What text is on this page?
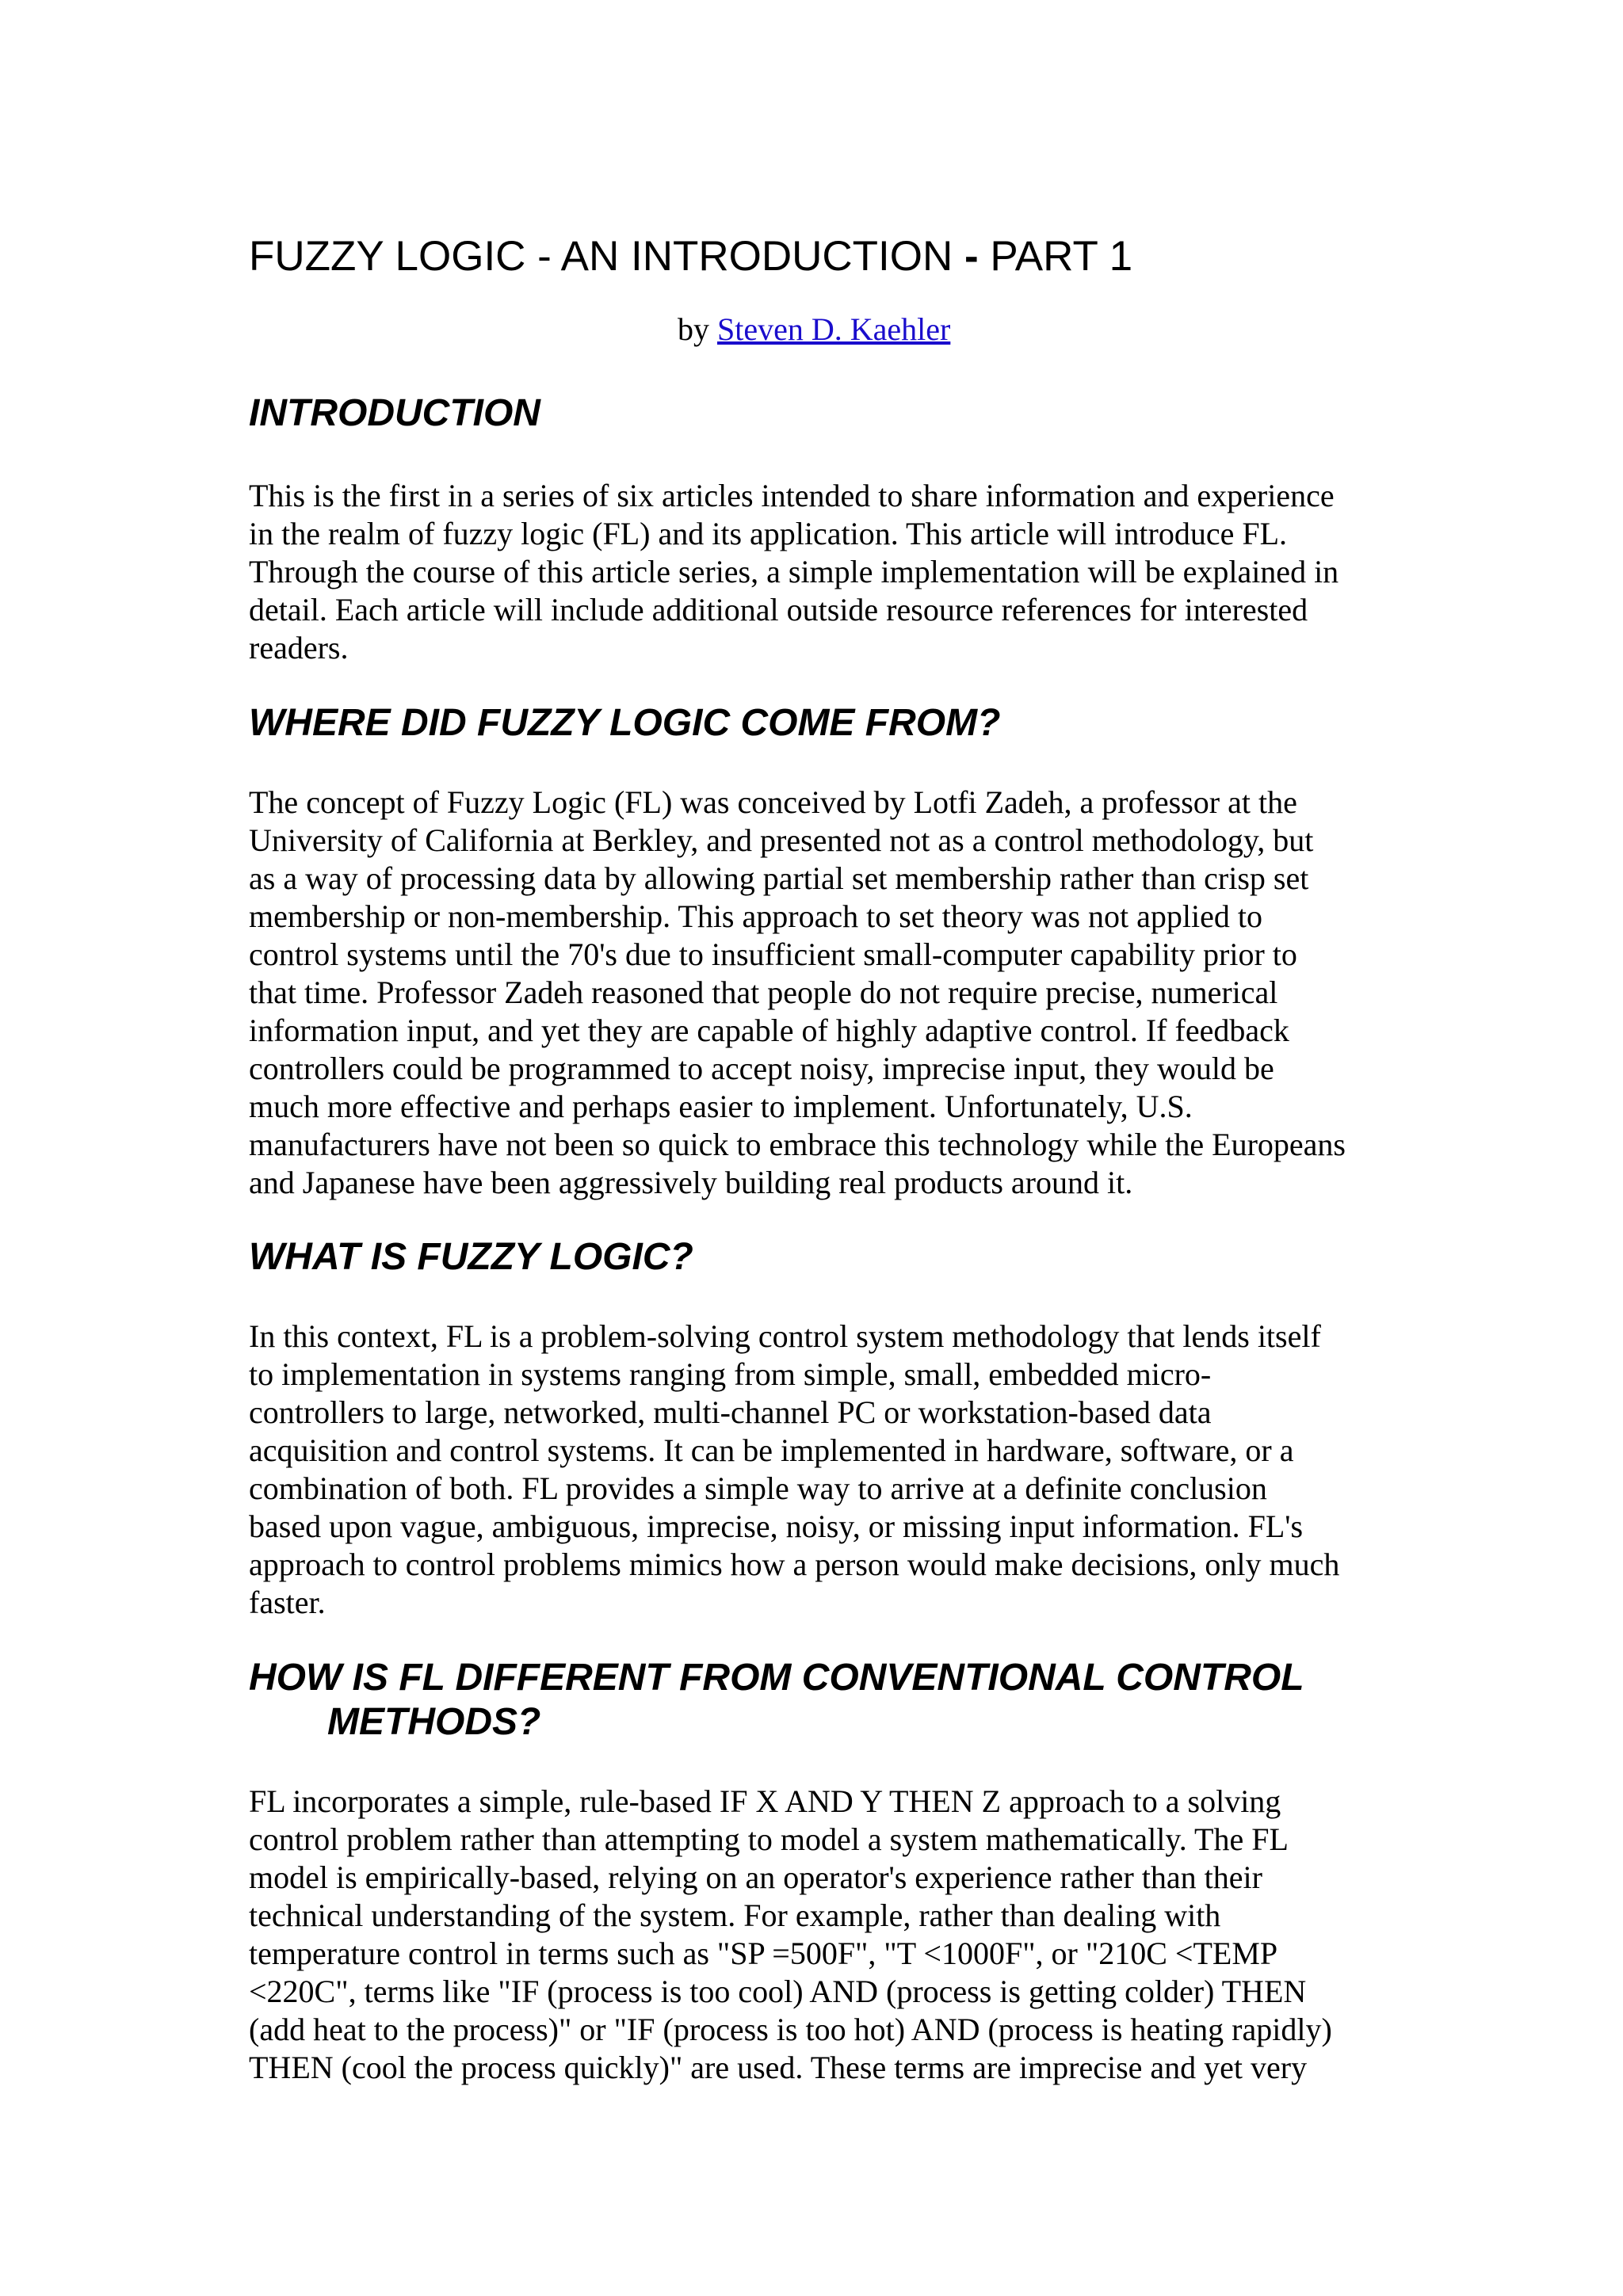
FUZZY LOGIC - AN INTRODUCTION - PART 1

by Steven D. Kaehler

INTRODUCTION

This is the first in a series of six articles intended to share information and experience
in the realm of fuzzy logic (FL) and its application. This article will introduce FL.
Through the course of this article series, a simple implementation will be explained in
detail. Each article will include additional outside resource references for interested
readers.

WHERE DID FUZZY LOGIC COME FROM?

The concept of Fuzzy Logic (FL) was conceived by Lotfi Zadeh, a professor at the
University of California at Berkley, and presented not as a control methodology, but
as a way of processing data by allowing partial set membership rather than crisp set
membership or non-membership. This approach to set theory was not applied to
control systems until the 70's due to insufficient small-computer capability prior to
that time. Professor Zadeh reasoned that people do not require precise, numerical
information input, and yet they are capable of highly adaptive control. If feedback
controllers could be programmed to accept noisy, imprecise input, they would be
much more effective and perhaps easier to implement. Unfortunately, U.S.
manufacturers have not been so quick to embrace this technology while the Europeans
and Japanese have been aggressively building real products around it.

WHAT IS FUZZY LOGIC?

In this context, FL is a problem-solving control system methodology that lends itself
to implementation in systems ranging from simple, small, embedded micro-
controllers to large, networked, multi-channel PC or workstation-based data
acquisition and control systems. It can be implemented in hardware, software, or a
combination of both. FL provides a simple way to arrive at a definite conclusion
based upon vague, ambiguous, imprecise, noisy, or missing input information. FL's
approach to control problems mimics how a person would make decisions, only much
faster.

HOW IS FL DIFFERENT FROM CONVENTIONAL CONTROL
METHODS?

FL incorporates a simple, rule-based IF X AND Y THEN Z approach to a solving
control problem rather than attempting to model a system mathematically. The FL
model is empirically-based, relying on an operator's experience rather than their
technical understanding of the system. For example, rather than dealing with
temperature control in terms such as "SP =500F", "T <1000F", or "210C <TEMP
<220C", terms like "IF (process is too cool) AND (process is getting colder) THEN
(add heat to the process)" or "IF (process is too hot) AND (process is heating rapidly)
THEN (cool the process quickly)" are used. These terms are imprecise and yet very
